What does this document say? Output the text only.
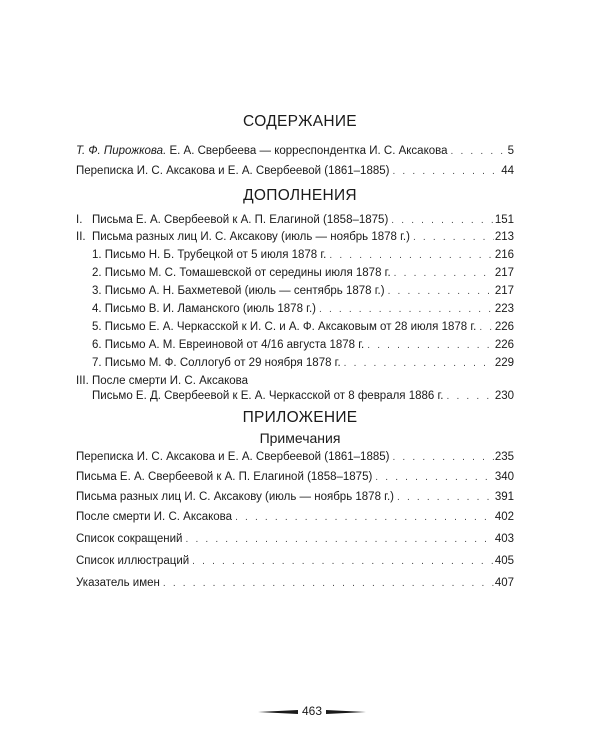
СОДЕРЖАНИЕ
Т. Ф. Пирожкова. Е. А. Свербеева — корреспондентка И. С. Аксакова . . .	5
Переписка И. С. Аксакова и Е. А. Свербеевой (1861–1885) . . .	44
ДОПОЛНЕНИЯ
I.   Письма Е. А. Свербеевой к А. П. Елагиной (1858–1875) . . .	151
II.  Письма разных лиц И. С. Аксакову (июль — ноябрь 1878 г.) . . .	213
1. Письмо Н. Б. Трубецкой от 5 июля 1878 г. . . .	216
2. Письмо М. С. Томашевской от середины июля 1878 г. . . .	217
3. Письмо А. Н. Бахметевой (июль — сентябрь 1878 г.) . . .	217
4. Письмо В. И. Ламанского (июль 1878 г.) . . .	223
5. Письмо Е. А. Черкасской к И. С. и А. Ф. Аксаковым от 28 июля 1878 г. . . . 226
6. Письмо А. М. Евреиновой от 4/16 августа 1878 г. . . .	226
7. Письмо М. Ф. Соллогуб от 29 ноября 1878 г. . . .	229
III. После смерти И. С. Аксакова
Письмо Е. Д. Свербеевой к Е. А. Черкасской от 8 февраля 1886 г. . . .	230
ПРИЛОЖЕНИЕ
Примечания
Переписка И. С. Аксакова и Е. А. Свербеевой (1861–1885) . . .	235
Письма Е. А. Свербеевой к А. П. Елагиной (1858–1875) . . .	340
Письма разных лиц И. С. Аксакову (июль — ноябрь 1878 г.) . . .	391
После смерти И. С. Аксакова . . .	402
Список сокращений . . .	403
Список иллюстраций . . .	405
Указатель имен . . .	407
463
